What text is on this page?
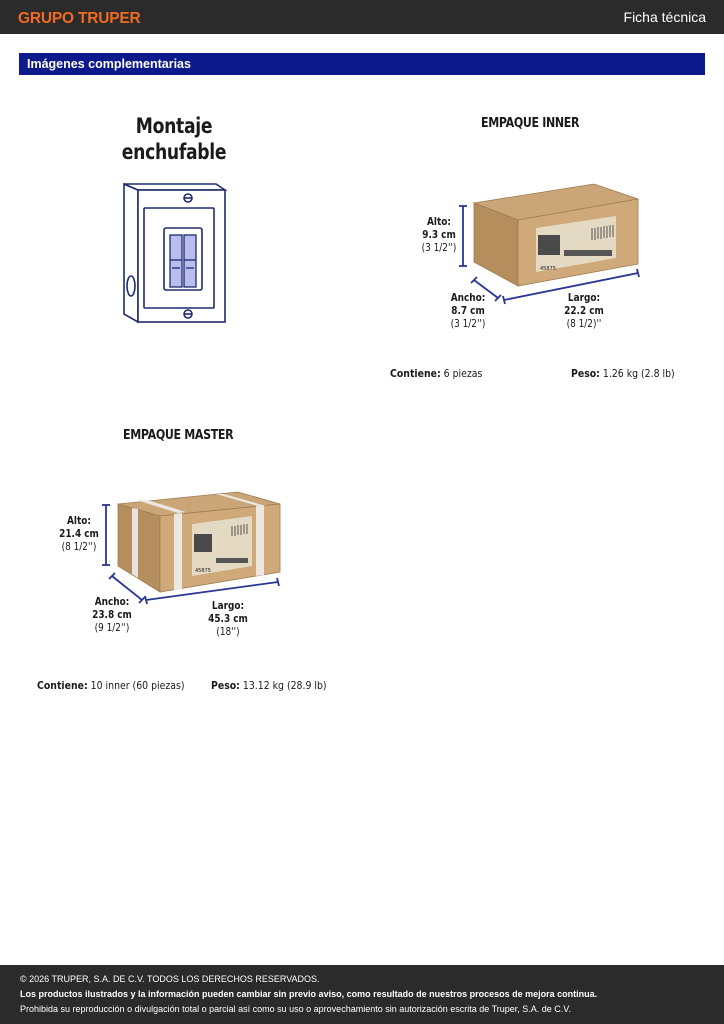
GRUPO TRUPER	Ficha técnica
Imágenes complementarias
Montaje
enchufable
EMPAQUE INNER
45875
Alto:
9.3 cm
(3 1/2'')
Ancho:
8.7 cm
(3 1/2'')
Largo:
22.2 cm
(8 1/2)''
Contiene: 6 piezas	Peso: 1.26 kg (2.8 lb)
EMPAQUE MASTER
45875
Alto:
21.4 cm
(8 1/2'')
Ancho:
23.8 cm
(9 1/2'')
Largo:
45.3 cm
(18'')
Contiene: 10 inner (60 piezas) Peso: 13.12 kg (28.9 lb)
© 2026 TRUPER, S.A. DE C.V. TODOS LOS DERECHOS RESERVADOS.
Los productos ilustrados y la información pueden cambiar sin previo aviso, como resultado de nuestros procesos de mejora continua.
Prohibida su reproducción o divulgación total o parcial así como su uso o aprovechamiento sin autorización escrita de Truper, S.A. de C.V.
